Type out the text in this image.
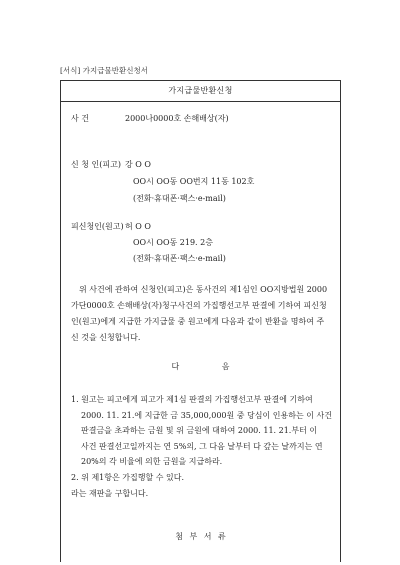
[서식] 가지급물반환신청서
가지급물반환신청
사 건	2000나0000호 손해배상(자)
신 청 인(피고) 강 O O
OO시 OO동 OO번지 11동 102호
(전화·휴대폰·팩스·e-mail)
피신청인(원고)허 O O
OO시 OO동 219. 2층
(전화·휴대폰·팩스·e-mail)
위 사건에 관하여 신청인(피고)은 동사건의 제1심인 OO지방법원 2000
가단0000호 손해배상(자)청구사건의 가집행선고부 판결에 기하여 피신청
인(원고)에게 지급한 가지급물 중 원고에게 다음과 같이 반환을 명하여 주
신 것을 신청합니다.
다 음
1. 원고는 피고에게 피고가 제1심 판결의 가집행선고부 판결에 기하여
2000. 11. 21.에 지급한 금 35,000,000원 중 당심이 인용하는 이 사건
판결금을 초과하는 금원 및 위 금원에 대하여 2000. 11. 21.부터 이
사건 판결선고일까지는 연 5%의, 그 다음 날부터 다 갚는 날까지는 연
20%의 각 비율에 의한 금원을 지급하라.
2. 위 제1항은 가집행할 수 있다.
라는 재판을 구합니다.
첨 부 서 류
